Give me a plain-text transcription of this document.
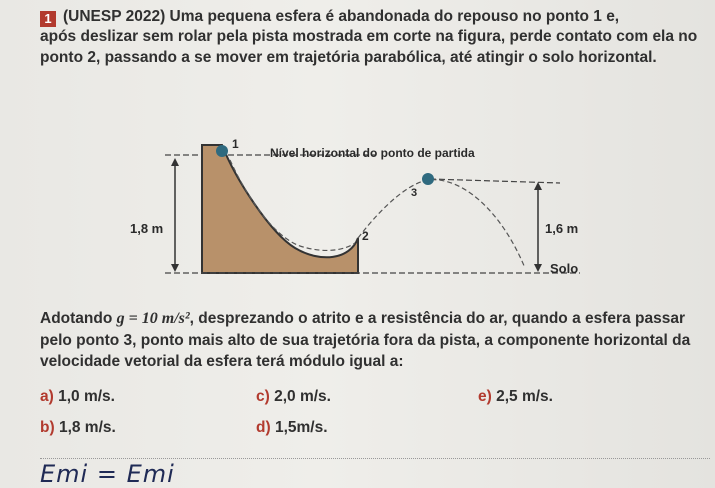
1 (UNESP 2022) Uma pequena esfera é abandonada do repouso no ponto 1 e,
após deslizar sem rolar pela pista mostrada em corte na figura, perde contato com ela no ponto 2, passando a se mover em trajetória parabólica, até atingir o solo horizontal.
1
Nível horizontal do ponto de partida
3
2
1,8 m	1,6 m
Solo
Adotando g = 10 m/s², desprezando o atrito e a resistência do ar, quando a esfera passar pelo ponto 3, ponto mais alto de sua trajetória fora da pista, a componente horizontal da velocidade vetorial da esfera terá módulo igual a:
a) 1,0 m/s.	c) 2,0 m/s.	e) 2,5 m/s.
b) 1,8 m/s.	d) 1,5m/s.
Emi = Emi
